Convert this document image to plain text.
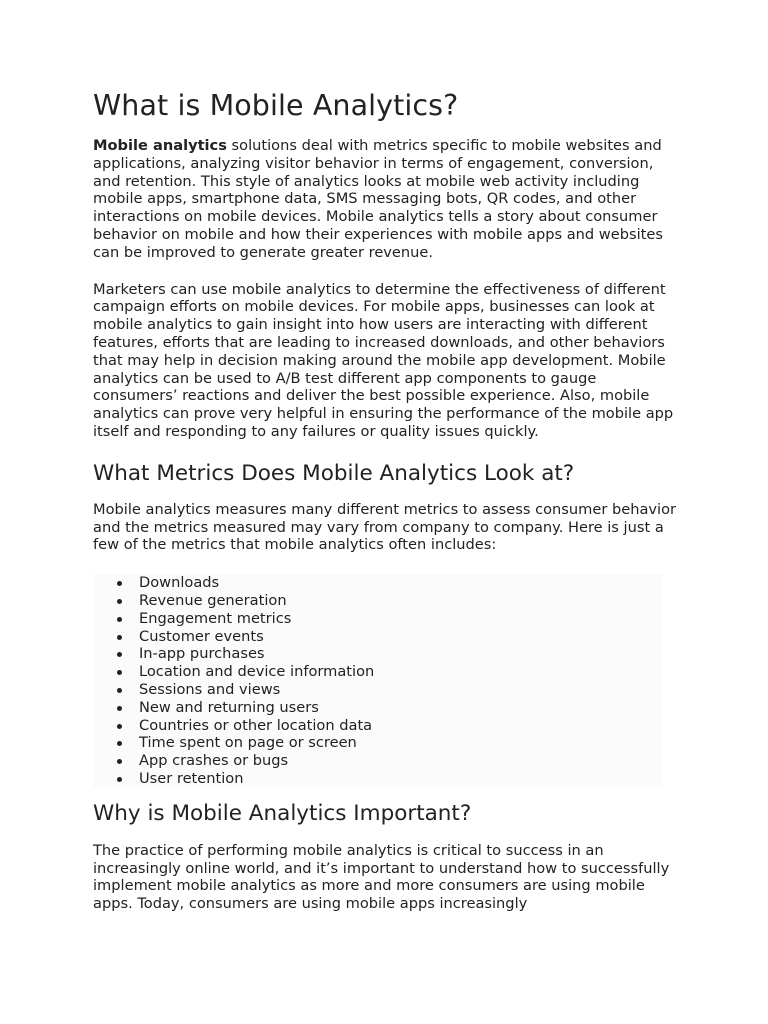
What is Mobile Analytics?

Mobile analytics solutions deal with metrics specific to mobile websites and applications, analyzing visitor behavior in terms of engagement, conversion, and retention. This style of analytics looks at mobile web activity including mobile apps, smartphone data, SMS messaging bots, QR codes, and other interactions on mobile devices. Mobile analytics tells a story about consumer behavior on mobile and how their experiences with mobile apps and websites can be improved to generate greater revenue.

Marketers can use mobile analytics to determine the effectiveness of different campaign efforts on mobile devices. For mobile apps, businesses can look at mobile analytics to gain insight into how users are interacting with different features, efforts that are leading to increased downloads, and other behaviors that may help in decision making around the mobile app development. Mobile analytics can be used to A/B test different app components to gauge consumers’ reactions and deliver the best possible experience. Also, mobile analytics can prove very helpful in ensuring the performance of the mobile app itself and responding to any failures or quality issues quickly.

What Metrics Does Mobile Analytics Look at?

Mobile analytics measures many different metrics to assess consumer behavior and the metrics measured may vary from company to company. Here is just a few of the metrics that mobile analytics often includes:

Downloads
Revenue generation
Engagement metrics
Customer events
In-app purchases
Location and device information
Sessions and views
New and returning users
Countries or other location data
Time spent on page or screen
App crashes or bugs
User retention
Why is Mobile Analytics Important?

The practice of performing mobile analytics is critical to success in an increasingly online world, and it’s important to understand how to successfully implement mobile analytics as more and more consumers are using mobile apps. Today, consumers are using mobile apps increasingly
